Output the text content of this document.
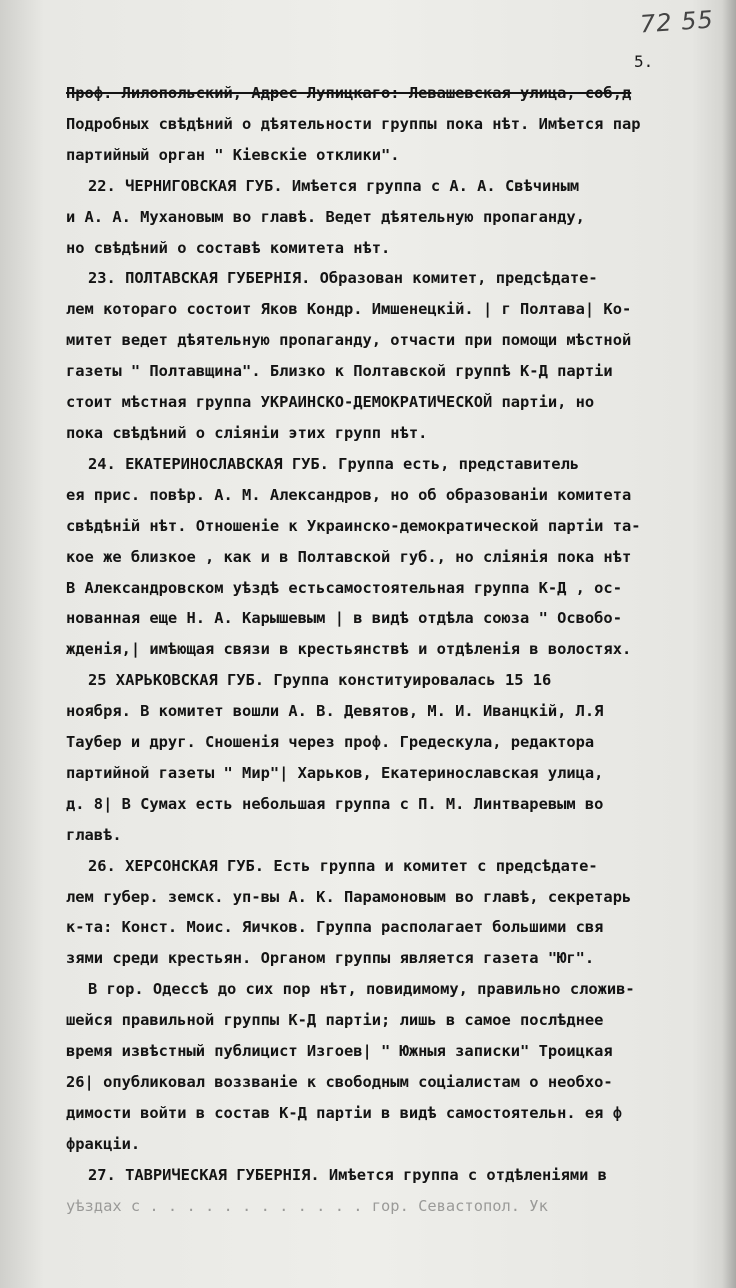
72 55
5.
Проф. Лилопольский, Адрес Лупицкаго: Левашевская улица, соб,д
Подробных свѣдѣний о дѣятельности группы пока нѣт. Имѣется пар
партийный орган " Кіевскіе отклики".
22. ЧЕРНИГОВСКАЯ ГУБ. Имѣется группа с А. А. Свѣчиным
и А. А. Мухановым во главѣ. Ведет дѣятельную пропаганду,
но свѣдѣний о составѣ комитета нѣт.
23. ПОЛТАВСКАЯ ГУБЕРНІЯ. Образован комитет, предсѣдате-
лем котораго состоит Яков Кондр. Имшенецкій. | г Полтава| Ко-
митет ведет дѣятельную пропаганду, отчасти при помощи мѣстной
газеты " Полтавщина". Близко к Полтавской группѣ К-Д партіи
стоит мѣстная группа УКРАИНСКО-ДЕМОКРАТИЧЕСКОЙ партіи, но
пока свѣдѣний о сліяніи этих групп нѣт.
24. ЕКАТЕРИНОСЛАВСКАЯ ГУБ. Группа есть, представитель
ея прис. повѣр. А. М. Александров, но об образованіи комитета
свѣдѣній нѣт. Отношеніе к Украинско-демократической партіи та-
кое же близкое , как и в Полтавской губ., но сліянія пока нѣт
В Александровском уѣздѣ естьсамостоятельная группа К-Д , ос-
нованная еще Н. А. Карышевым | в видѣ отдѣла союза " Освобо-
жденія,| имѣющая связи в крестьянствѣ и отдѣленія в волостях.
25 ХАРЬКОВСКАЯ ГУБ. Группа конституировалась 15 16
ноября. В комитет вошли А. В. Девятов, М. И. Иванцкій, Л.Я
Таубер и друг. Сношенія через проф. Гредескула, редактора
партийной газеты " Мир"| Харьков, Екатеринославская улица,
д. 8| В Сумах есть небольшая группа с П. М. Линтваревым во
главѣ.
26. ХЕРСОНСКАЯ ГУБ. Есть группа и комитет с предсѣдате-
лем губер. земск. уп-вы А. К. Парамоновым во главѣ, секретарь
к-та: Конст. Моис. Яичков. Группа располагает большими свя
зями среди крестьян. Органом группы является газета "Юг".
В гор. Одессѣ до сих пор нѣт, повидимому, правильно сложив-
шейся правильной группы К-Д партіи; лишь в самое послѣднее
время извѣстный публицист Изгоев| " Южныя записки" Троицкая
26| опубликовал воззваніе к свободным соціалистам о необхо-
димости войти в состав К-Д партіи в видѣ самостоятельн. ея ф
фракціи.
27. ТАВРИЧЕСКАЯ ГУБЕРНІЯ. Имѣется группа с отдѣленіями в
уѣздах с . . . . . . . . . . . . гор. Севастопол. Ук
